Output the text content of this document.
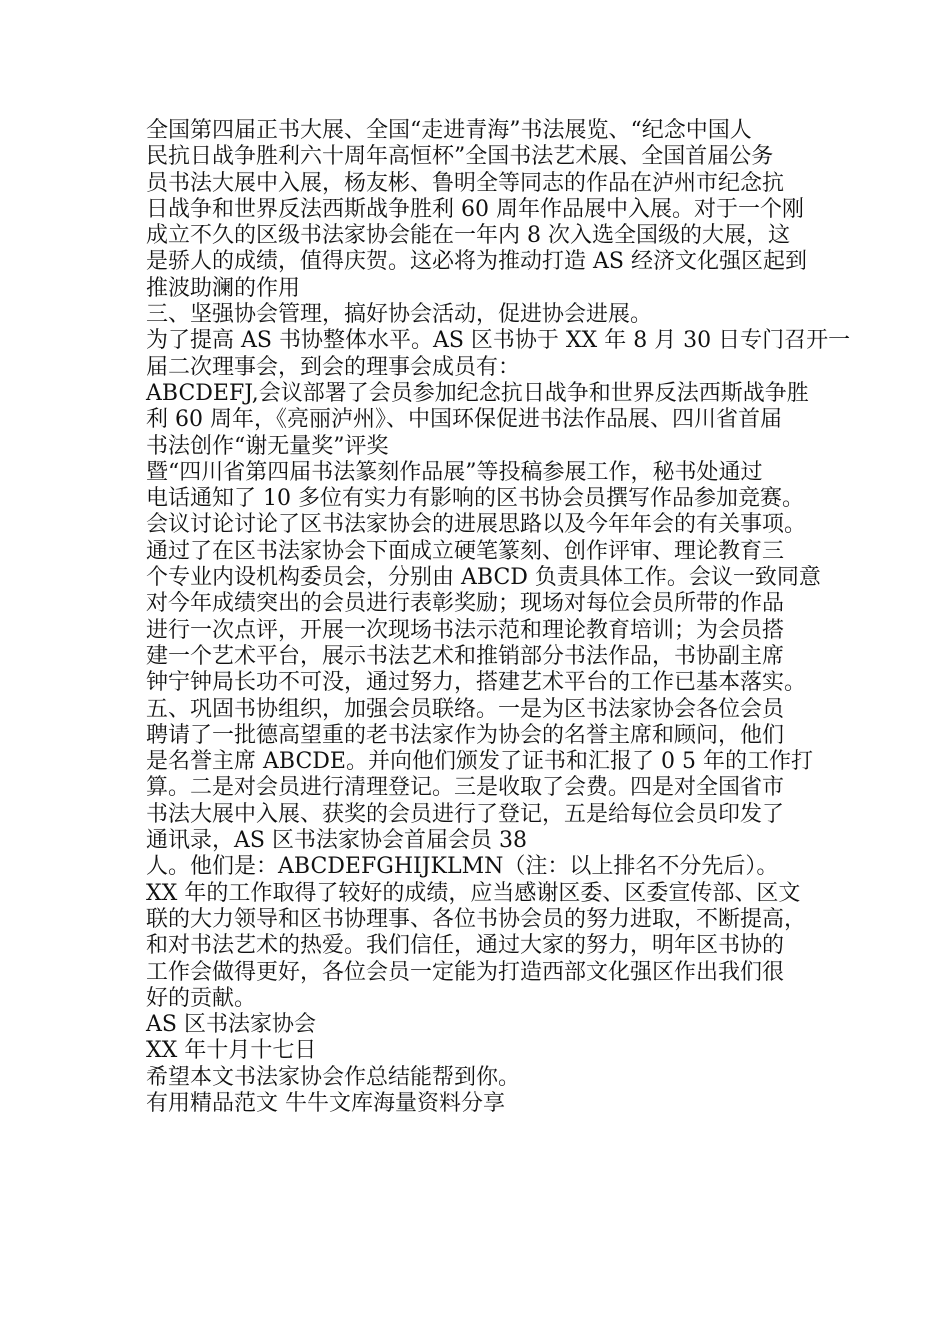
全国第四届正书大展、全国“走进青海”书法展览、“纪念中国人
民抗日战争胜利六十周年高恒杯”全国书法艺术展、全国首届公务
员书法大展中入展，杨友彬、鲁明全等同志的作品在泸州市纪念抗
日战争和世界反法西斯战争胜利 60 周年作品展中入展。对于一个刚
成立不久的区级书法家协会能在一年内 8 次入选全国级的大展，这
是骄人的成绩，值得庆贺。这必将为推动打造 AS 经济文化强区起到
推波助澜的作用
三、坚强协会管理，搞好协会活动，促进协会进展。
为了提高 AS 书协整体水平。AS 区书协于 XX 年 8 月 30 日专门召开一
届二次理事会，到会的理事会成员有：
ABCDEFJ,会议部署了会员参加纪念抗日战争和世界反法西斯战争胜
利 60 周年，《亮丽泸州》、中国环保促进书法作品展、四川省首届
书法创作“谢无量奖”评奖
暨“四川省第四届书法篆刻作品展”等投稿参展工作，秘书处通过
电话通知了 10 多位有实力有影响的区书协会员撰写作品参加竞赛。
会议讨论讨论了区书法家协会的进展思路以及今年年会的有关事项。
通过了在区书法家协会下面成立硬笔篆刻、创作评审、理论教育三
个专业内设机构委员会，分别由 ABCD 负责具体工作。会议一致同意
对今年成绩突出的会员进行表彰奖励；现场对每位会员所带的作品
进行一次点评，开展一次现场书法示范和理论教育培训；为会员搭
建一个艺术平台，展示书法艺术和推销部分书法作品，书协副主席
钟宁钟局长功不可没，通过努力，搭建艺术平台的工作已基本落实。
五、巩固书协组织，加强会员联络。一是为区书法家协会各位会员
聘请了一批德高望重的老书法家作为协会的名誉主席和顾问，他们
是名誉主席 ABCDE。并向他们颁发了证书和汇报了 0 5 年的工作打
算。二是对会员进行清理登记。三是收取了会费。四是对全国省市
书法大展中入展、获奖的会员进行了登记，五是给每位会员印发了
通讯录，AS 区书法家协会首届会员 38
人。他们是：ABCDEFGHIJKLMN（注：以上排名不分先后）。
XX 年的工作取得了较好的成绩，应当感谢区委、区委宣传部、区文
联的大力领导和区书协理事、各位书协会员的努力进取，不断提高，
和对书法艺术的热爱。我们信任，通过大家的努力，明年区书协的
工作会做得更好，各位会员一定能为打造西部文化强区作出我们很
好的贡献。
AS 区书法家协会
XX 年十月十七日
希望本文书法家协会作总结能帮到你。
有用精品范文 牛牛文库海量资料分享
